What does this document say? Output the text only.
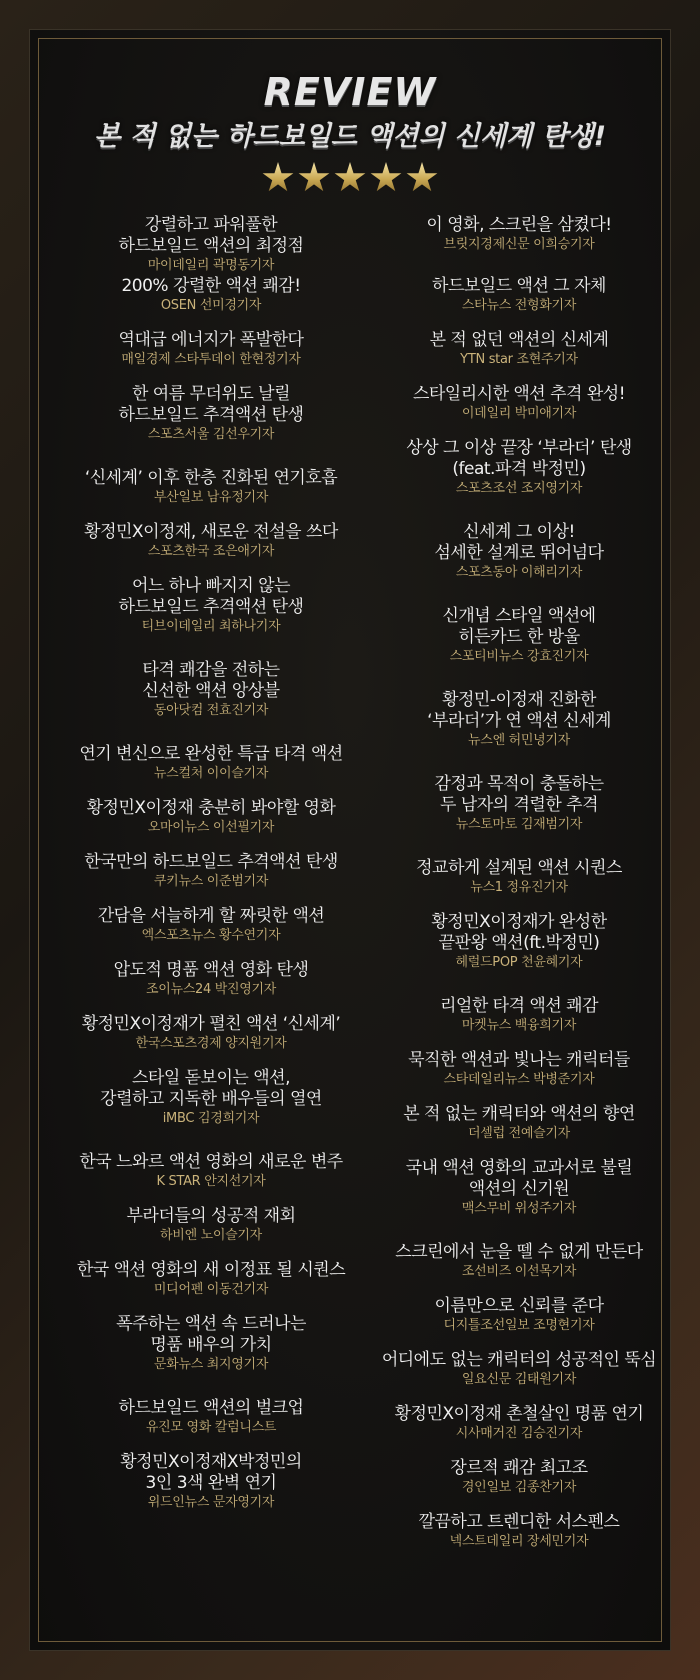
REVIEW
본 적 없는 하드보일드 액션의 신세계 탄생!
강렬하고 파워풀한
하드보일드 액션의 최정점
마이데일리 곽명동기자
200% 강렬한 액션 쾌감!
OSEN 선미경기자
역대급 에너지가 폭발한다
매일경제 스타투데이 한현정기자
한 여름 무더위도 날릴
하드보일드 추격액션 탄생
스포츠서울 김선우기자
‘신세계’ 이후 한층 진화된 연기호흡
부산일보 남유정기자
황정민X이정재, 새로운 전설을 쓰다
스포츠한국 조은애기자
어느 하나 빠지지 않는
하드보일드 추격액션 탄생
티브이데일리 최하나기자
타격 쾌감을 전하는
신선한 액션 앙상블
동아닷컴 전효진기자
연기 변신으로 완성한 특급 타격 액션
뉴스컬처 이이슬기자
황정민X이정재 충분히 봐야할 영화
오마이뉴스 이선필기자
한국만의 하드보일드 추격액션 탄생
쿠키뉴스 이준범기자
간담을 서늘하게 할 짜릿한 액션
엑스포츠뉴스 황수연기자
압도적 명품 액션 영화 탄생
조이뉴스24 박진영기자
황정민X이정재가 펼친 액션 ‘신세계’
한국스포츠경제 양지원기자
스타일 돋보이는 액션,
강렬하고 지독한 배우들의 열연
iMBC 김경희기자
한국 느와르 액션 영화의 새로운 변주
K STAR 안지선기자
부라더들의 성공적 재회
하비엔 노이슬기자
한국 액션 영화의 새 이정표 될 시퀀스
미디어펜 이동건기자
폭주하는 액션 속 드러나는
명품 배우의 가치
문화뉴스 최지영기자
하드보일드 액션의 벌크업
유진모 영화 칼럼니스트
황정민X이정재X박정민의
3인 3색 완벽 연기
위드인뉴스 문자영기자
이 영화, 스크린을 삼켰다!
브릿지경제신문 이희승기자
하드보일드 액션 그 자체
스타뉴스 전형화기자
본 적 없던 액션의 신세계
YTN star 조현주기자
스타일리시한 액션 추격 완성!
이데일리 박미애기자
상상 그 이상 끝장 ‘부라더’ 탄생
(feat.파격 박정민)
스포츠조선 조지영기자
신세계 그 이상!
섬세한 설계로 뛰어넘다
스포츠동아 이해리기자
신개념 스타일 액션에
히든카드 한 방울
스포티비뉴스 강효진기자
황정민-이정재 진화한
‘부라더’가 연 액션 신세계
뉴스엔 허민녕기자
감정과 목적이 충돌하는
두 남자의 격렬한 추격
뉴스토마토 김재범기자
정교하게 설계된 액션 시퀀스
뉴스1 정유진기자
황정민X이정재가 완성한
끝판왕 액션(ft.박정민)
헤럴드POP 천윤혜기자
리얼한 타격 액션 쾌감
마켓뉴스 백융희기자
묵직한 액션과 빛나는 캐릭터들
스타데일리뉴스 박병준기자
본 적 없는 캐릭터와 액션의 향연
더셀럽 전예슬기자
국내 액션 영화의 교과서로 불릴
액션의 신기원
맥스무비 위성주기자
스크린에서 눈을 뗄 수 없게 만든다
조선비즈 이선목기자
이름만으로 신뢰를 준다
디지틀조선일보 조명현기자
어디에도 없는 캐릭터의 성공적인 뚝심
일요신문 김태원기자
황정민X이정재 촌철살인 명품 연기
시사매거진 김승진기자
장르적 쾌감 최고조
경인일보 김종찬기자
깔끔하고 트렌디한 서스펜스
넥스트데일리 장세민기자
